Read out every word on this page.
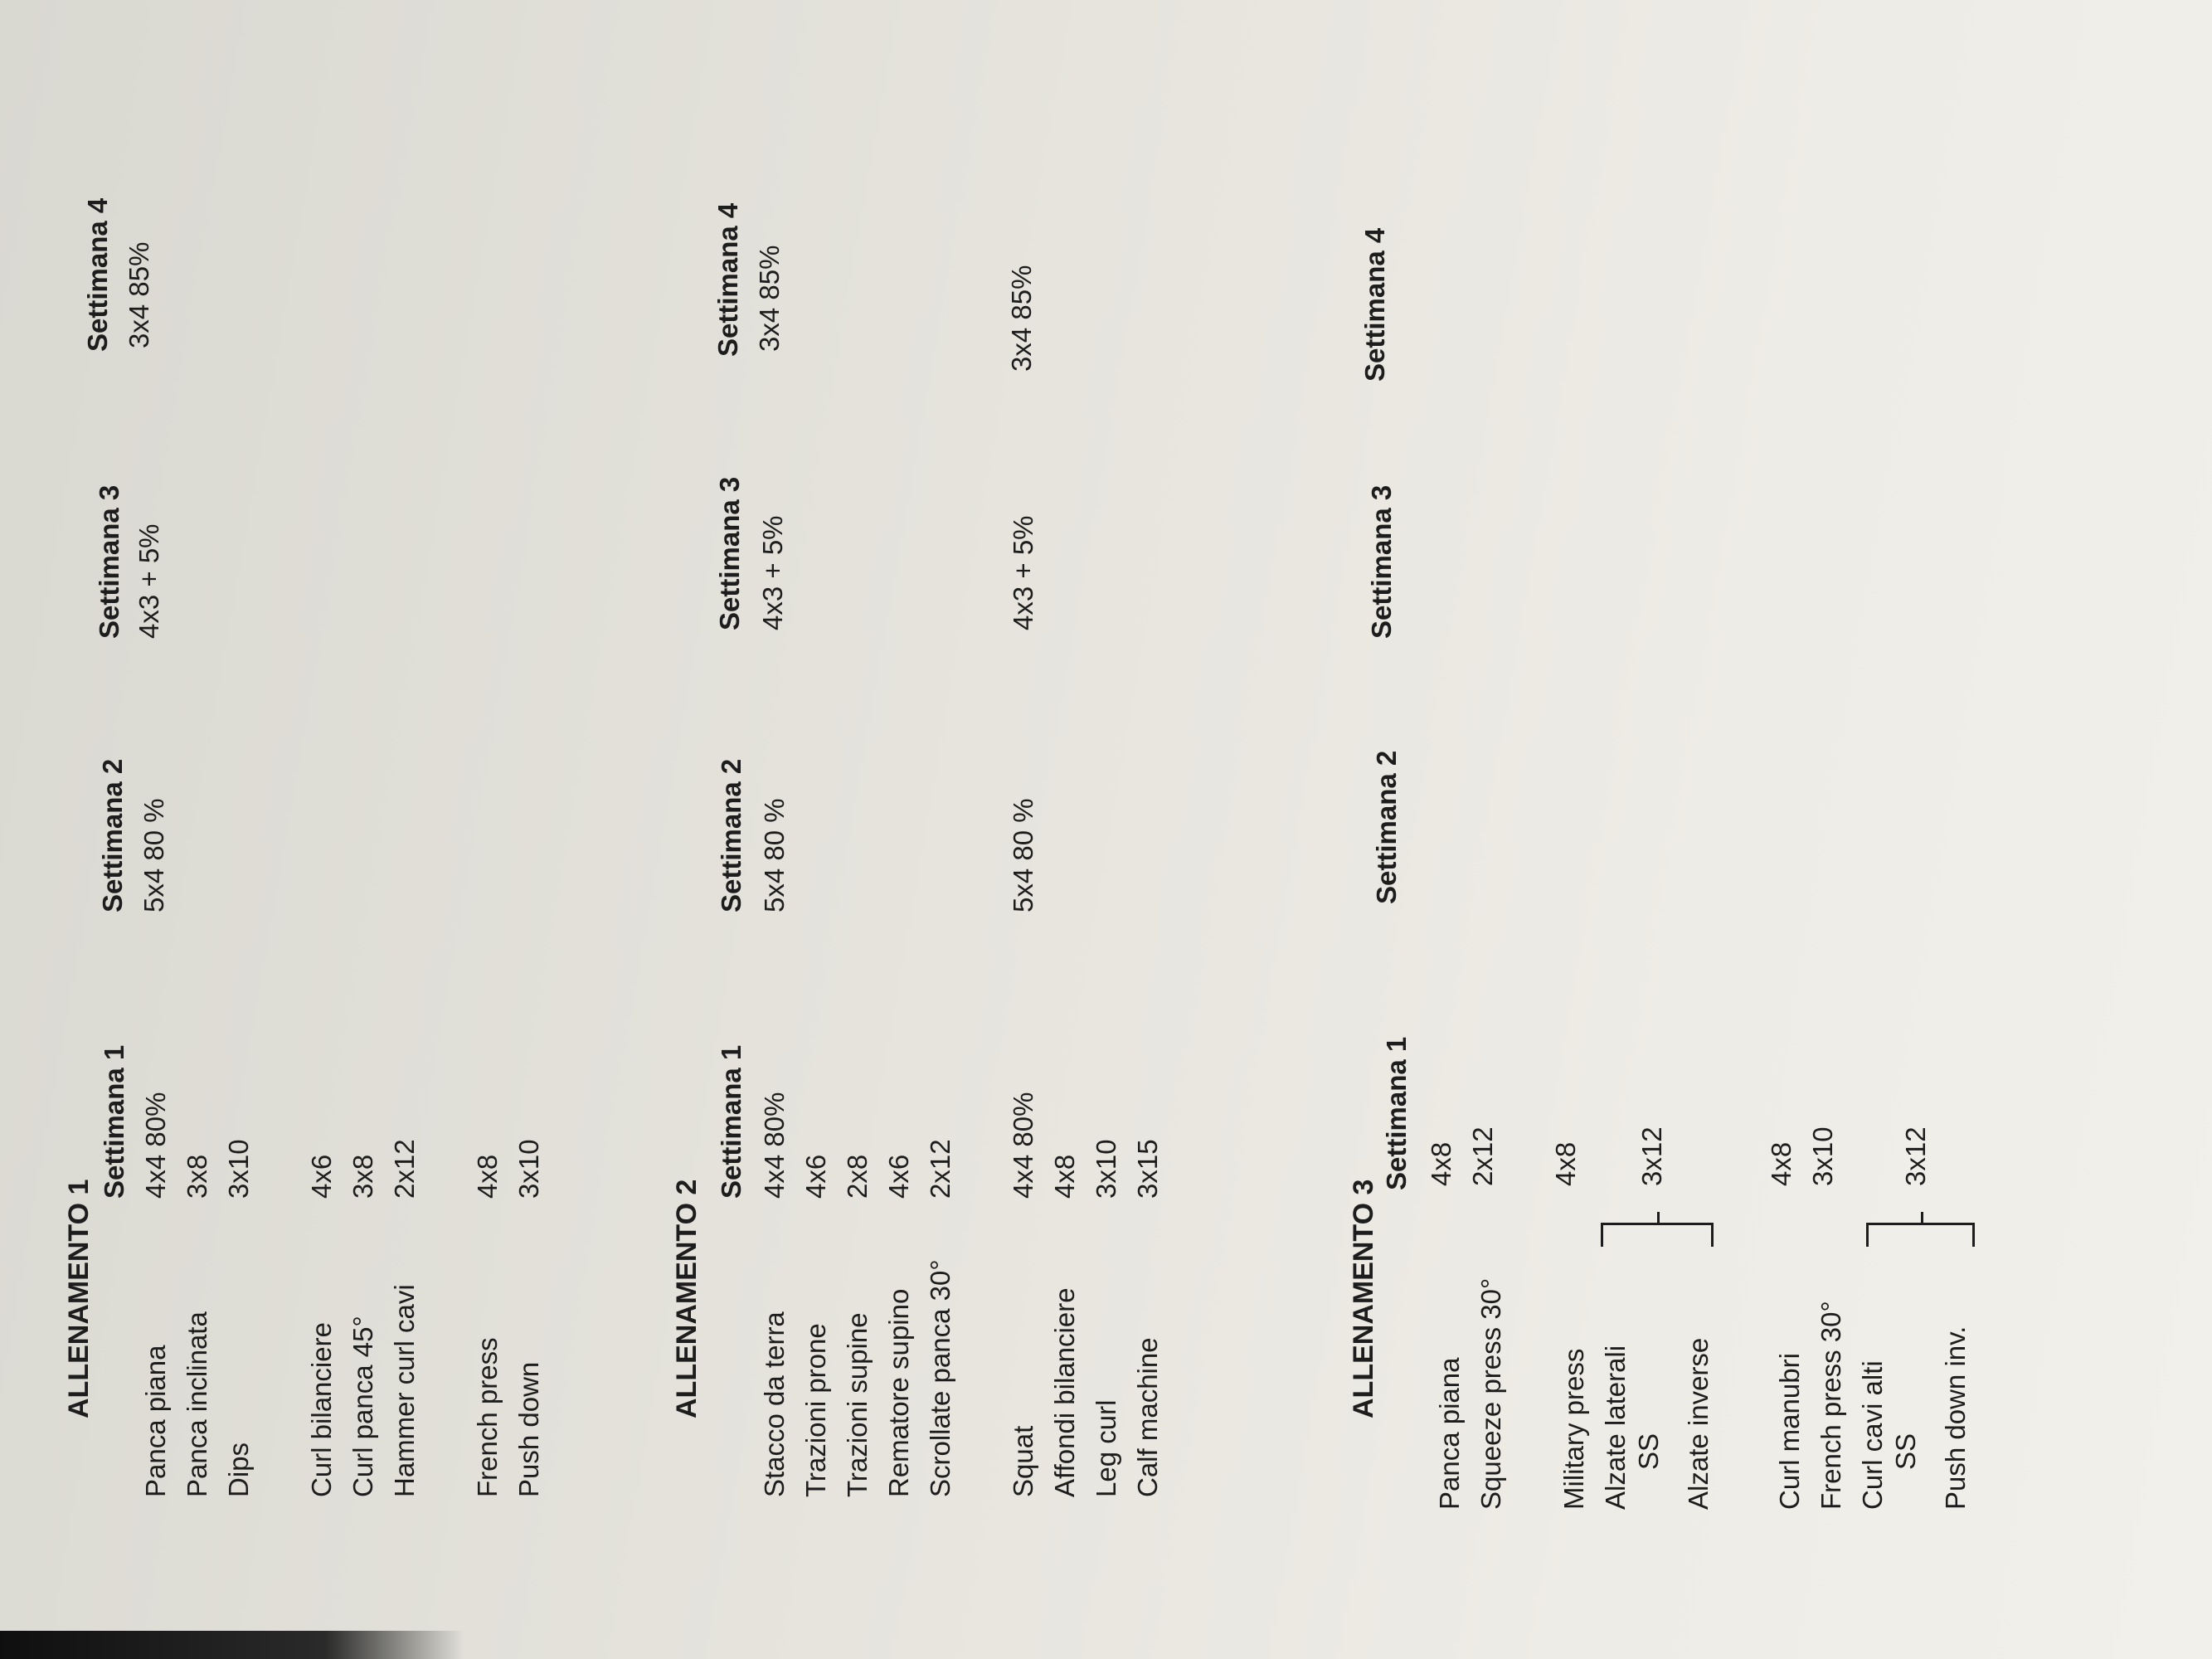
ALLENAMENTO 1
Settimana 1
Settimana 2
Settimana 3
Settimana 4
Panca piana
4x4 80%
5x4 80 %
4x3 + 5%
3x4 85%
Panca inclinata
3x8
Dips
3x10
Curl bilanciere
4x6
Curl panca 45°
3x8
Hammer curl cavi
2x12
French press
4x8
Push down
3x10
ALLENAMENTO 2
Settimana 1
Settimana 2
Settimana 3
Settimana 4
Stacco da terra
4x4 80%
5x4 80 %
4x3 + 5%
3x4 85%
Trazioni prone
4x6
Trazioni supine
2x8
Rematore supino
4x6
Scrollate panca 30°
2x12
Squat
4x4 80%
5x4 80 %
4x3 + 5%
3x4 85%
Affondi bilanciere
4x8
Leg curl
3x10
Calf machine
3x15
ALLENAMENTO 3
Settimana 1
Settimana 2
Settimana 3
Settimana 4
Panca piana
4x8
Squeeze press 30°
2x12
Military press
4x8
Alzate laterali SS Alzate inverse
3x12
Curl manubri
4x8
French press 30°
3x10
Curl cavi alti SS Push down inv.
3x12
